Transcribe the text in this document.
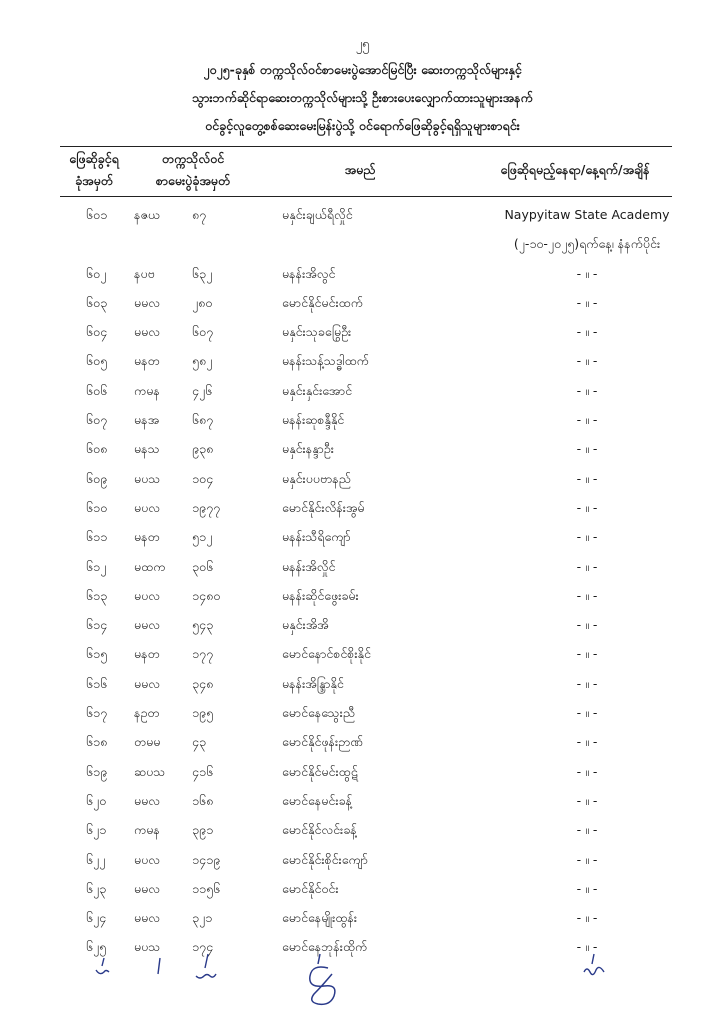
၂၅
၂၀၂၅-ခုနှစ် တက္ကသိုလ်ဝင်စာမေးပွဲအောင်မြင်ပြီး ဆေးတက္ကသိုလ်များနှင့်
သွားဘက်ဆိုင်ရာဆေးတက္ကသိုလ်များသို့ ဦးစားပေးလျှောက်ထားသူများအနက်
ဝင်ခွင့်လူတွေ့စစ်ဆေးမေးမြန်းပွဲသို့ ဝင်ရောက်ဖြေဆိုခွင့်ရရှိသူများစာရင်း
ဖြေဆိုခွင့်ရ
ခုံအမှတ်
တက္ကသိုလ်ဝင်
စာမေးပွဲခုံအမှတ်
အမည်	ဖြေဆိုရမည့်နေရာ/နေ့ရက်/အချိန်
၆၀၁ နဇယ	၈၇	မနှင်းချယ်ရီလှိုင်	Naypyitaw State Academy
(၂-၁၀-၂၀၂၅)ရက်နေ့၊ နံနက်ပိုင်း
၆၀၂ နပဗ	၆၃၂	မနန်းအိလွင်	- ။ -
၆၀၃ မမလ	၂၈၀	မောင်နိုင်မင်းထက်	- ။ -
၆၀၄ မမလ	၆၀၇	မနှင်းသုခမြွေဦး	- ။ -
၆၀၅ မနတ	၅၈၂	မနန်းသန့်သဒ္ဓါထက်	- ။ -
၆၀၆ ကမန	၄၂၆	မနှင်းနှင်းအောင်	- ။ -
၆၀၇ မနအ	၆၈၇	မနန်းဆုစန္ဒီနိုင်	- ။ -
၆၀၈ မနသ	၉၃၈	မနှင်းနန္ဒာဦး	- ။ -
၆၀၉ မပသ	၁၀၄	မနှင်းပပဗာနည်	- ။ -
၆၁၀ မပလ	၁၉၇၇	မောင်နိုင်းလိန်းအွမ်	- ။ -
၆၁၁ မနတ	၅၁၂	မနန်းသီရိကျော်	- ။ -
၆၁၂ မထက ၃၀၆	မနန်းအိလှိုင်	- ။ -
၆၁၃ မပလ	၁၄၈၀	မနန်းဆိုင်ဖွေးခမ်း	- ။ -
၆၁၄ မမလ	၅၄၃	မနှင်းအိအိ	- ။ -
၆၁၅ မနတ	၁၇၇	မောင်နောင်စင်စိုးနိုင်	- ။ -
၆၁၆ မမလ	၃၄၈	မနန်းအိန္ဒြာနိုင်	- ။ -
၆၁၇ နဥတ	၁၉၅	မောင်နေသွေးညီ	- ။ -
၆၁၈ တမမ	၄၃	မောင်နိုင်ဖုန်းဉာဏ်	- ။ -
၆၁၉ ဆပသ ၄၁၆	မောင်နိုင်မင်းထွဋ်	- ။ -
၆၂၀ မမလ	၁၆၈	မောင်နေမင်းခန့်	- ။ -
၆၂၁ ကမန	၃၉၁	မောင်နိုင်လင်းခန့်	- ။ -
၆၂၂ မပလ	၁၄၁၉	မောင်နိုင်းစိုင်းကျော်	- ။ -
၆၂၃ မမလ	၁၁၅၆	မောင်နိုင်ဝင်း	- ။ -
၆၂၄ မမလ	၃၂၁	မောင်နေမျိုးထွန်း	- ။ -
၆၂၅ မပသ	၁၇၄	မောင်နေဘုန်းထိုက်	- ။ -
